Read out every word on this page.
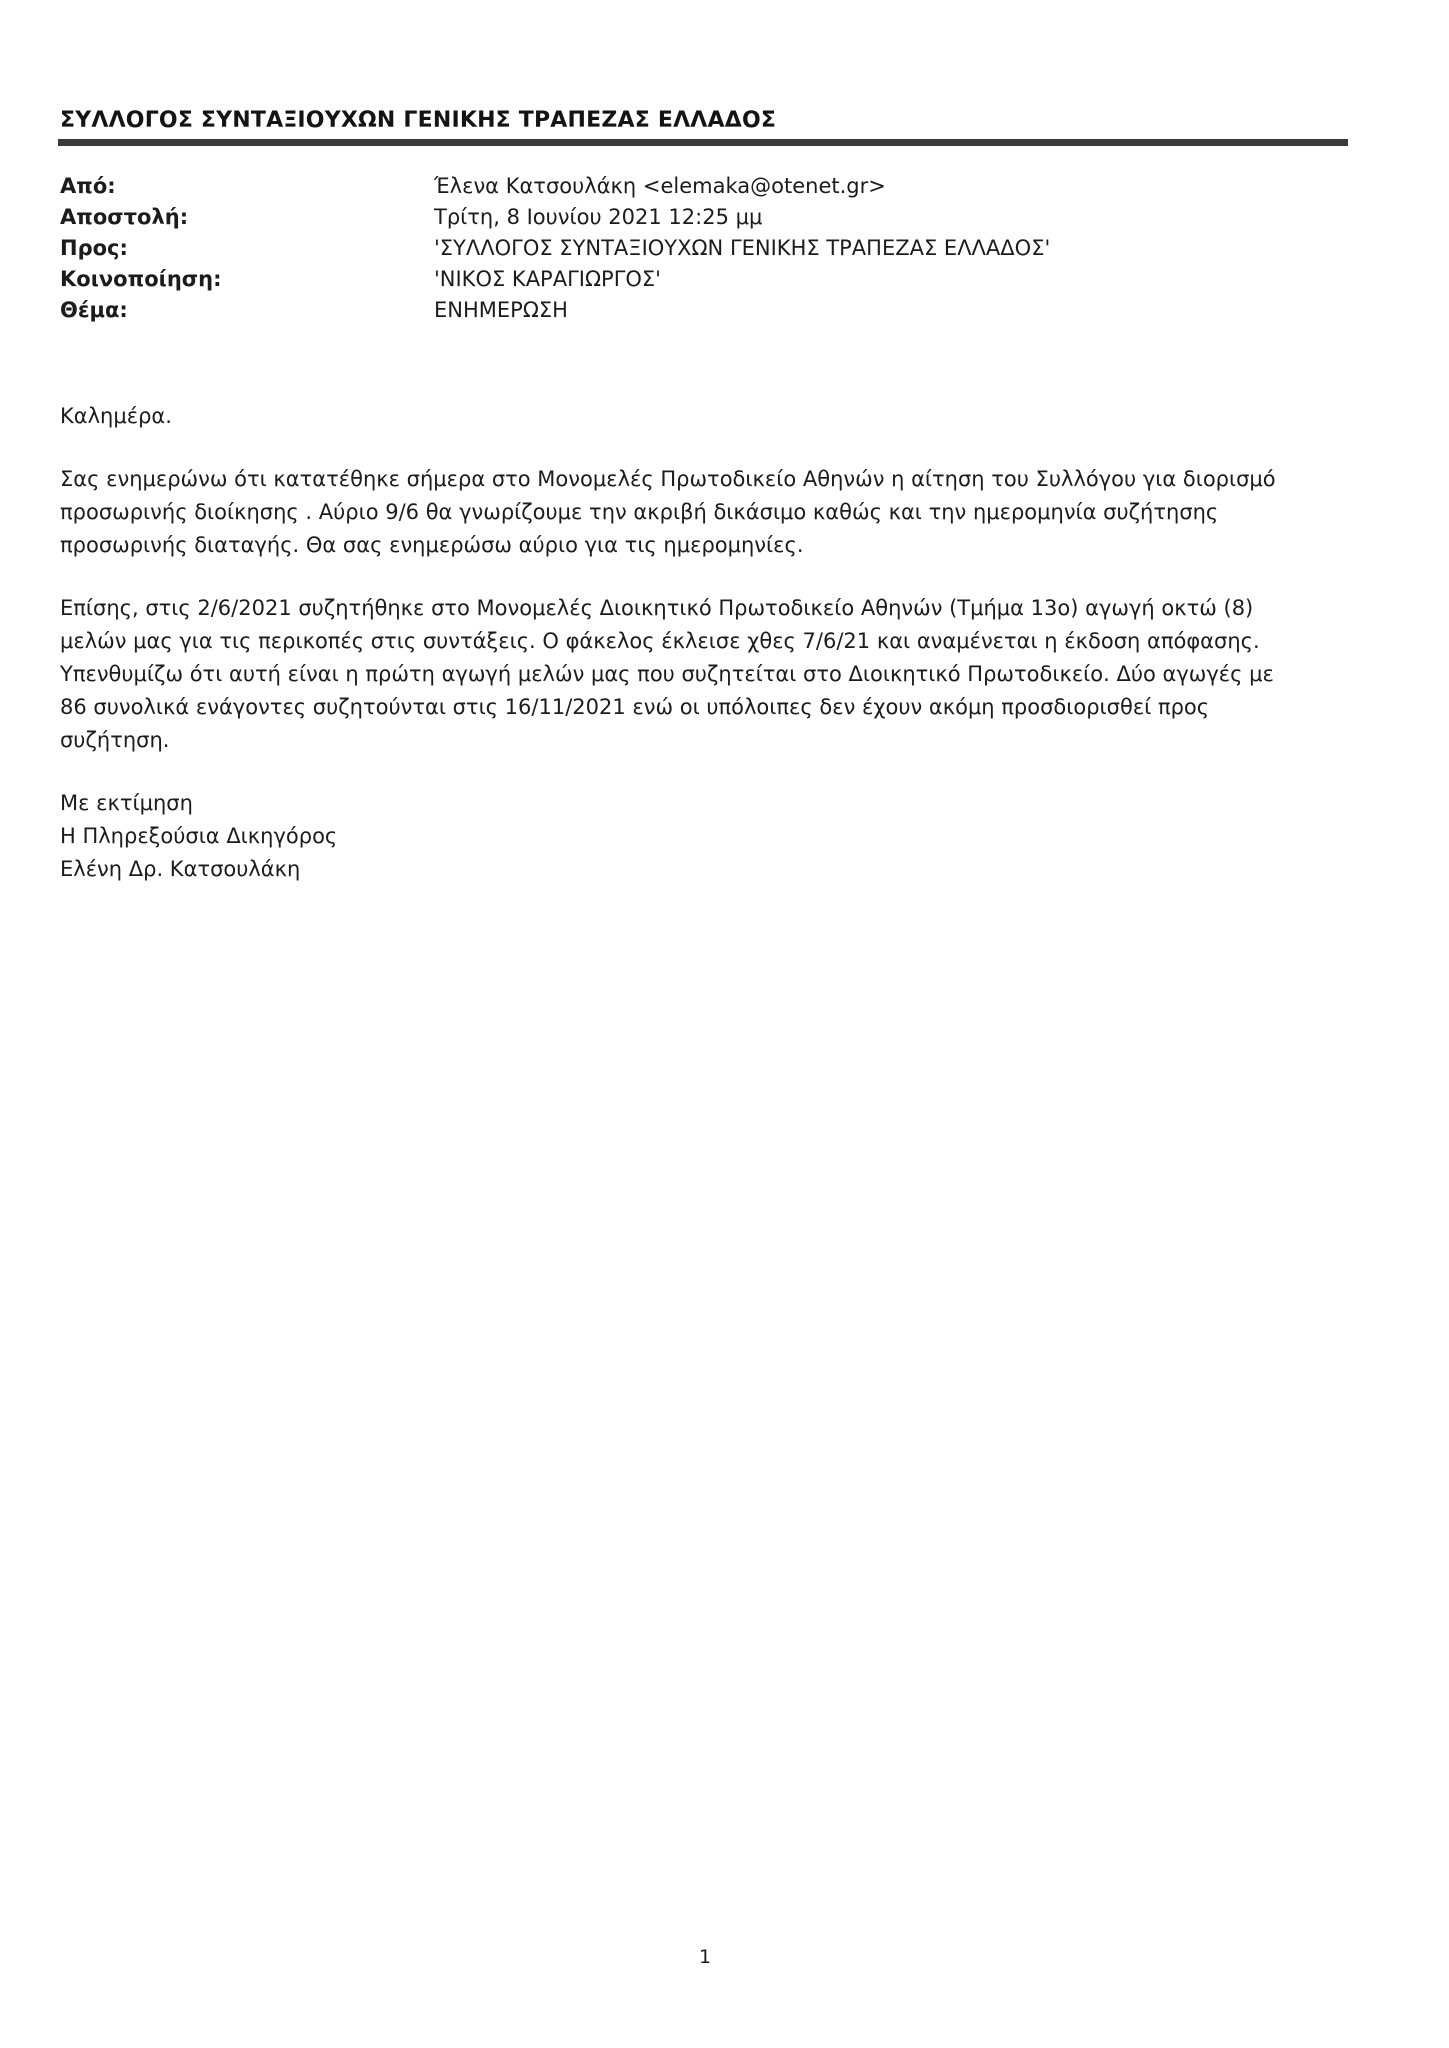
ΣΥΛΛΟΓΟΣ ΣΥΝΤΑΞΙΟΥΧΩΝ ΓΕΝΙΚΗΣ ΤΡΑΠΕΖΑΣ ΕΛΛΑΔΟΣ
Από:	Έλενα Κατσουλάκη <elemaka@otenet.gr>
Αποστολή:	Τρίτη, 8 Ιουνίου 2021 12:25 μμ
Προς:	'ΣΥΛΛΟΓΟΣ ΣΥΝΤΑΞΙΟΥΧΩΝ ΓΕΝΙΚΗΣ ΤΡΑΠΕΖΑΣ ΕΛΛΑΔΟΣ'
Κοινοποίηση:	'ΝΙΚΟΣ ΚΑΡΑΓΙΩΡΓΟΣ'
Θέμα:	ΕΝΗΜΕΡΩΣΗ
Καλημέρα.
Σας ενημερώνω ότι κατατέθηκε σήμερα στο Μονομελές Πρωτοδικείο Αθηνών η αίτηση του Συλλόγου για διορισμό
προσωρινής διοίκησης . Αύριο 9/6 θα γνωρίζουμε την ακριβή δικάσιμο καθώς και την ημερομηνία συζήτησης
προσωρινής διαταγής. Θα σας ενημερώσω αύριο για τις ημερομηνίες.
Επίσης, στις 2/6/2021 συζητήθηκε στο Μονομελές Διοικητικό Πρωτοδικείο Αθηνών (Τμήμα 13ο) αγωγή οκτώ (8)
μελών μας για τις περικοπές στις συντάξεις. Ο φάκελος έκλεισε χθες 7/6/21 και αναμένεται η έκδοση απόφασης.
Υπενθυμίζω ότι αυτή είναι η πρώτη αγωγή μελών μας που συζητείται στο Διοικητικό Πρωτοδικείο. Δύο αγωγές με
86 συνολικά ενάγοντες συζητούνται στις 16/11/2021 ενώ οι υπόλοιπες δεν έχουν ακόμη προσδιορισθεί προς
συζήτηση.
Με εκτίμηση
Η Πληρεξούσια Δικηγόρος
Ελένη Δρ. Κατσουλάκη
1
